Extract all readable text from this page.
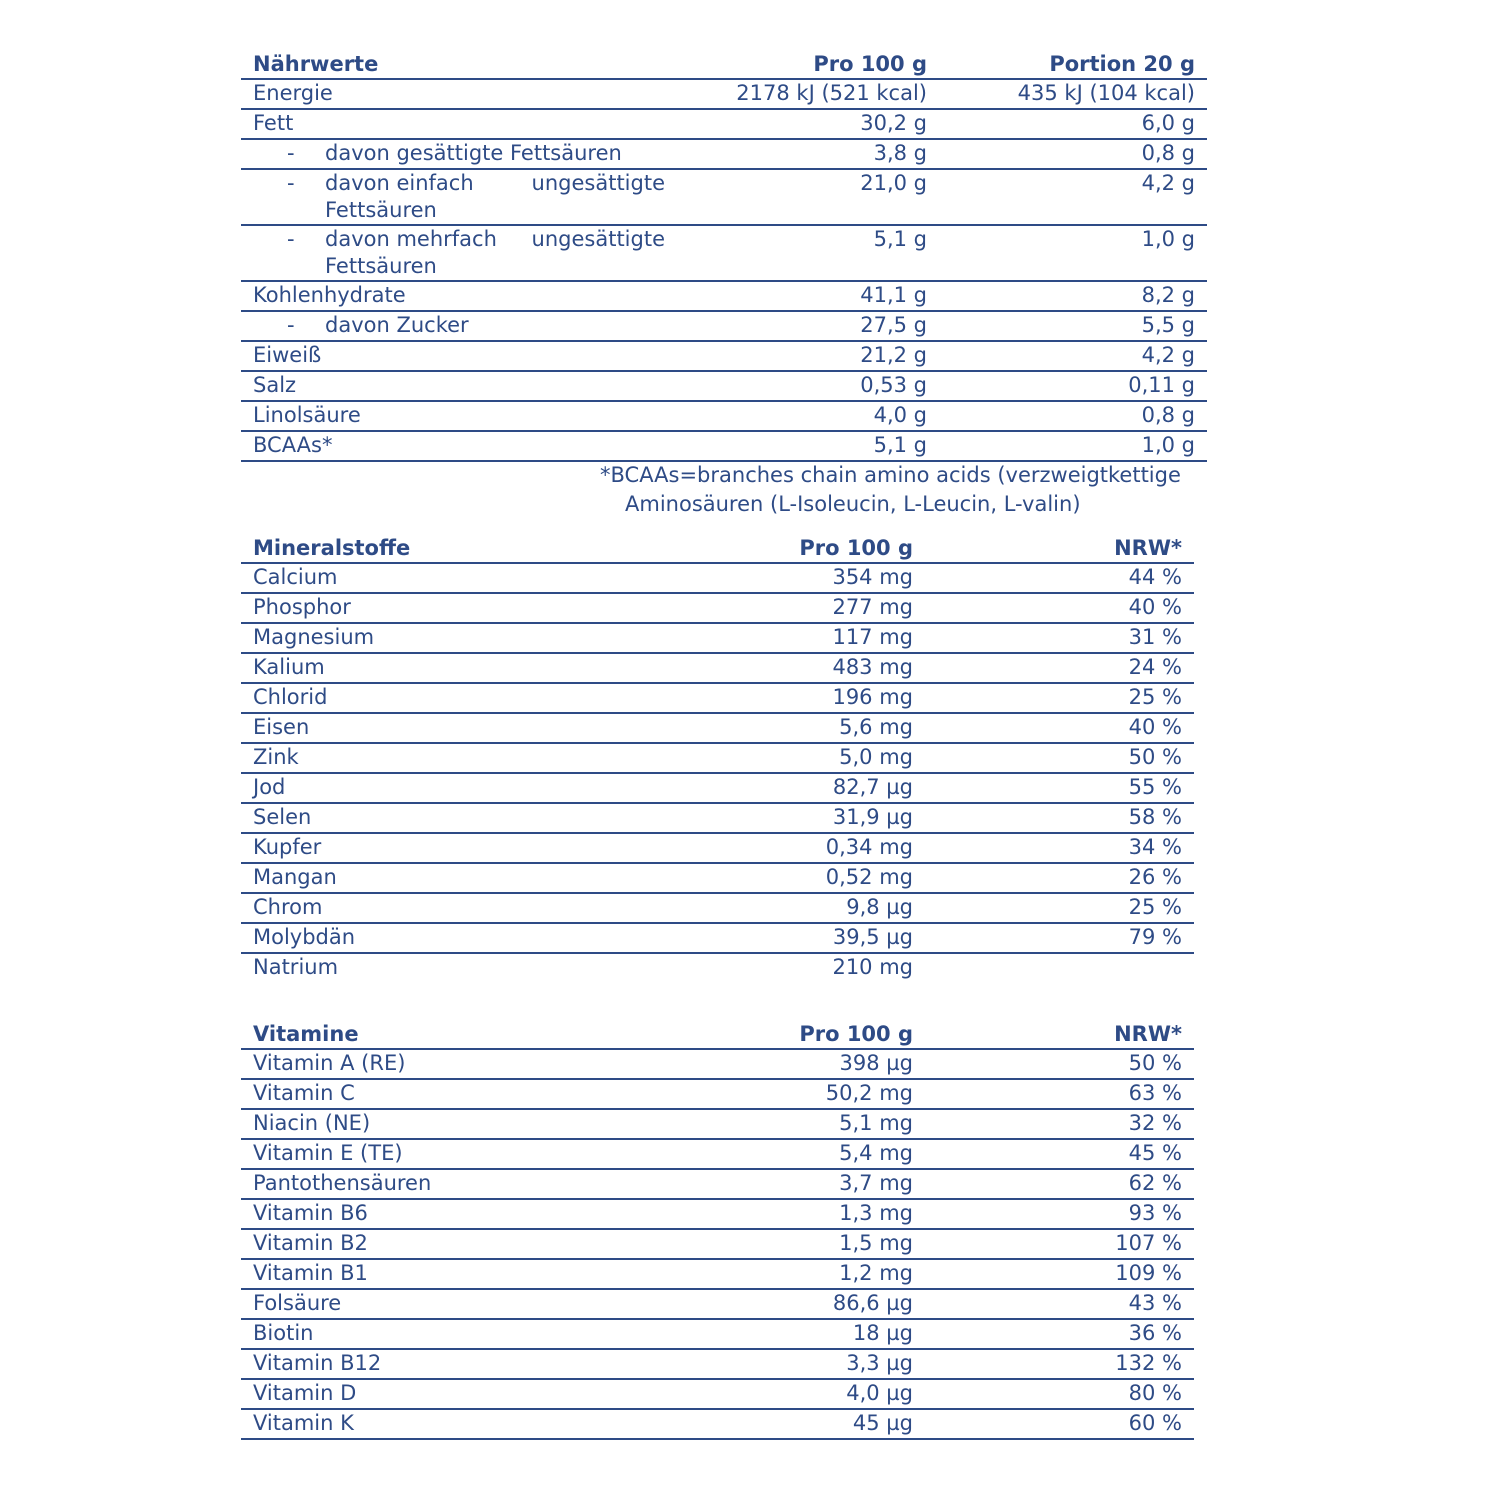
Nährwerte	Pro 100 g	Portion 20 g	
Energie	2178 kJ (521 kcal)	435 kJ (104 kcal)	
Fett	30,2 g	6,0 g	

- davon gesättigte Fettsäuren	3,8 g	0,8 g	

- davon einfach ungesättigte
Fettsäuren	21,0 g	4,2 g	

- davon mehrfach ungesättigte
Fettsäuren	5,1 g	1,0 g	
Kohlenhydrate	41,1 g	8,2 g	

- davon Zucker	27,5 g	5,5 g	
Eiweiß	21,2 g	4,2 g	
Salz	0,53 g	0,11 g	
Linolsäure	4,0 g	0,8 g	
BCAAs*	5,1 g	1,0 g	
*BCAAs=branches chain amino acids (verzweigtkettige
Aminosäuren (L-Isoleucin, L-Leucin, L-valin)
Mineralstoffe	Pro 100 g	NRW*	
Calcium	354 mg	44 %	
Phosphor	277 mg	40 %	
Magnesium	117 mg	31 %	
Kalium	483 mg	24 %	
Chlorid	196 mg	25 %	
Eisen	5,6 mg	40 %	
Zink	5,0 mg	50 %	
Jod	82,7 µg	55 %	
Selen	31,9 µg	58 %	
Kupfer	0,34 mg	34 %	
Mangan	0,52 mg	26 %	
Chrom	9,8 µg	25 %	
Molybdän	39,5 µg	79 %	
Natrium	210 mg		
Vitamine	Pro 100 g	NRW*	
Vitamin A (RE)	398 µg	50 %	
Vitamin C	50,2 mg	63 %	
Niacin (NE)	5,1 mg	32 %	
Vitamin E (TE)	5,4 mg	45 %	
Pantothensäuren	3,7 mg	62 %	
Vitamin B6	1,3 mg	93 %	
Vitamin B2	1,5 mg	107 %	
Vitamin B1	1,2 mg	109 %	
Folsäure	86,6 µg	43 %	
Biotin	18 µg	36 %	
Vitamin B12	3,3 µg	132 %	
Vitamin D	4,0 µg	80 %	
Vitamin K	45 µg	60 %	
